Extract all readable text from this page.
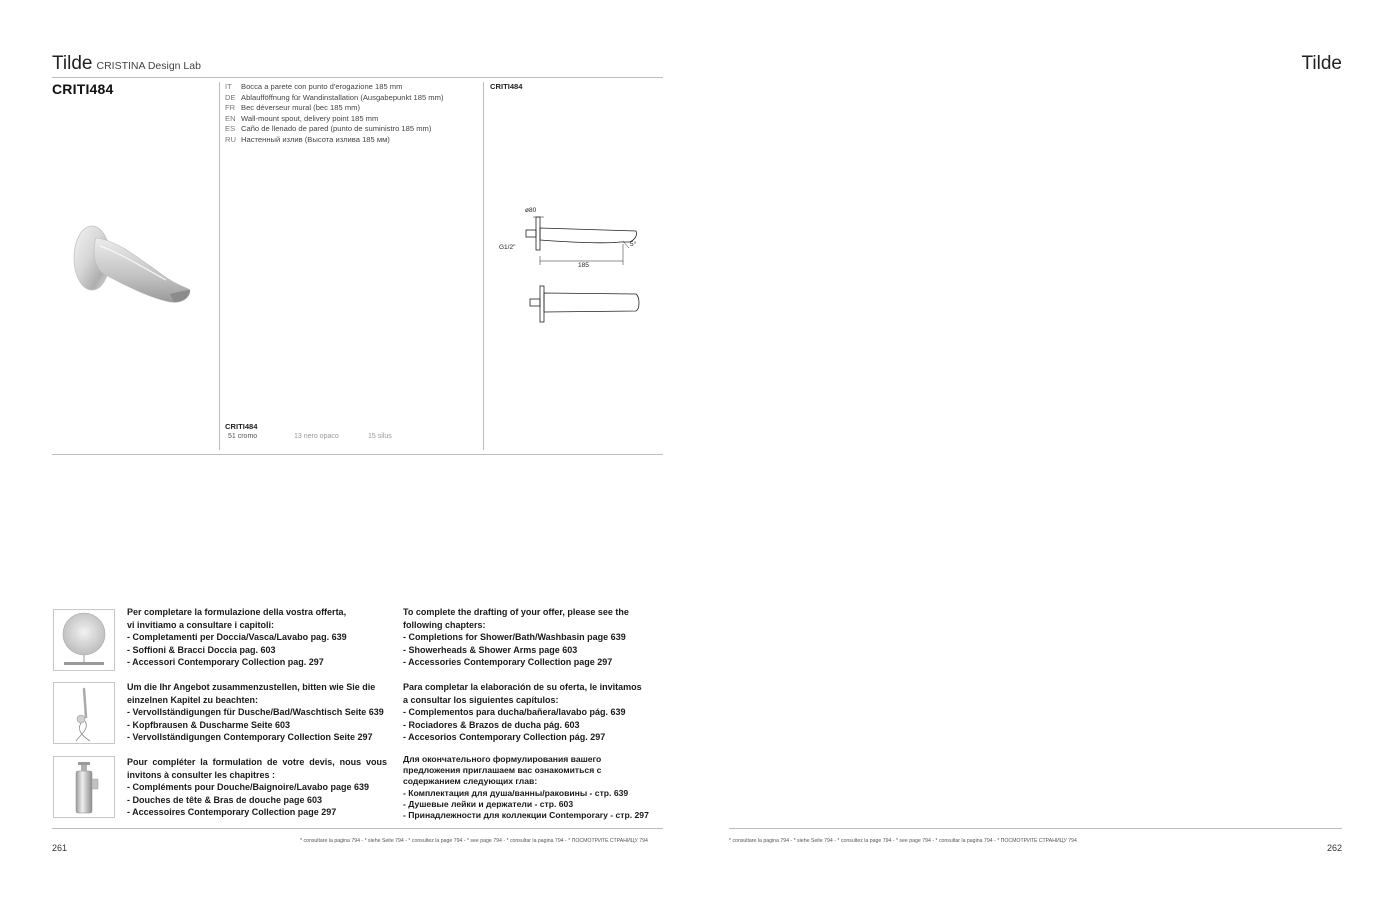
Tilde CRISTINA Design Lab
CRITI484	IT Bocca a parete con punto d'erogazione 185 mm
DE Ablaufföffnung für Wandinstallation (Ausgabepunkt 185 mm)
FR Bec déverseur mural (bec 185 mm)
EN Wall-mount spout, delivery point 185 mm
ES Caño de llenado de pared (punto de suministro 185 mm)
RU Настенный излив (Высота излива 185 мм)
CRITI484
ø80
G1/2"
185
5°
CRITI484
51 cromo	13 nero opaco	15 silus
Per completare la formulazione della vostra offerta,
vi invitiamo a consultare i capitoli:
- Completamenti per Doccia/Vasca/Lavabo pag. 639
- Soffioni & Bracci Doccia pag. 603
- Accessori Contemporary Collection pag. 297
To complete the drafting of your offer, please see the
following chapters:
- Completions for Shower/Bath/Washbasin page 639
- Showerheads & Shower Arms page 603
- Accessories Contemporary Collection page 297
Um die Ihr Angebot zusammenzustellen, bitten wie Sie die
einzelnen Kapitel zu beachten:
- Vervollständigungen für Dusche/Bad/Waschtisch Seite 639
- Kopfbrausen & Duscharme Seite 603
- Vervollständigungen Contemporary Collection Seite 297
Para completar la elaboración de su oferta, le invitamos
a consultar los siguientes capítulos:
- Complementos para ducha/bañera/lavabo pág. 639
- Rociadores & Brazos de ducha pág. 603
- Accesorios Contemporary Collection pág. 297
Pour compléter la formulation de votre devis, nous vous
invitons à consulter les chapitres :
- Compléments pour Douche/Baignoire/Lavabo page 639
- Douches de tête & Bras de douche page 603
- Accessoires Contemporary Collection page 297
Для окончательного формулирования вашего
предложения приглашаем вас ознакомиться с
содержанием следующих глав:
- Комплектация для душа/ванны/раковины - стр. 639
- Душевые лейки и держатели - стр. 603
- Принадлежности для коллекции Contemporary - стр. 297
* consultare la pagina 794 - * siehe Seite 794 - * consultez la page 794 - * see page 794 - * consultar la pagina 794 - * ПОСМОТРИТЕ СТРАНИЦУ 794
261
Tilde
* consultare la pagina 794 - * siehe Seite 794 - * consultez la page 794 - * see page 794 - * consultar la pagina 794 - * ПОСМОТРИТЕ СТРАНИЦУ 794
262
